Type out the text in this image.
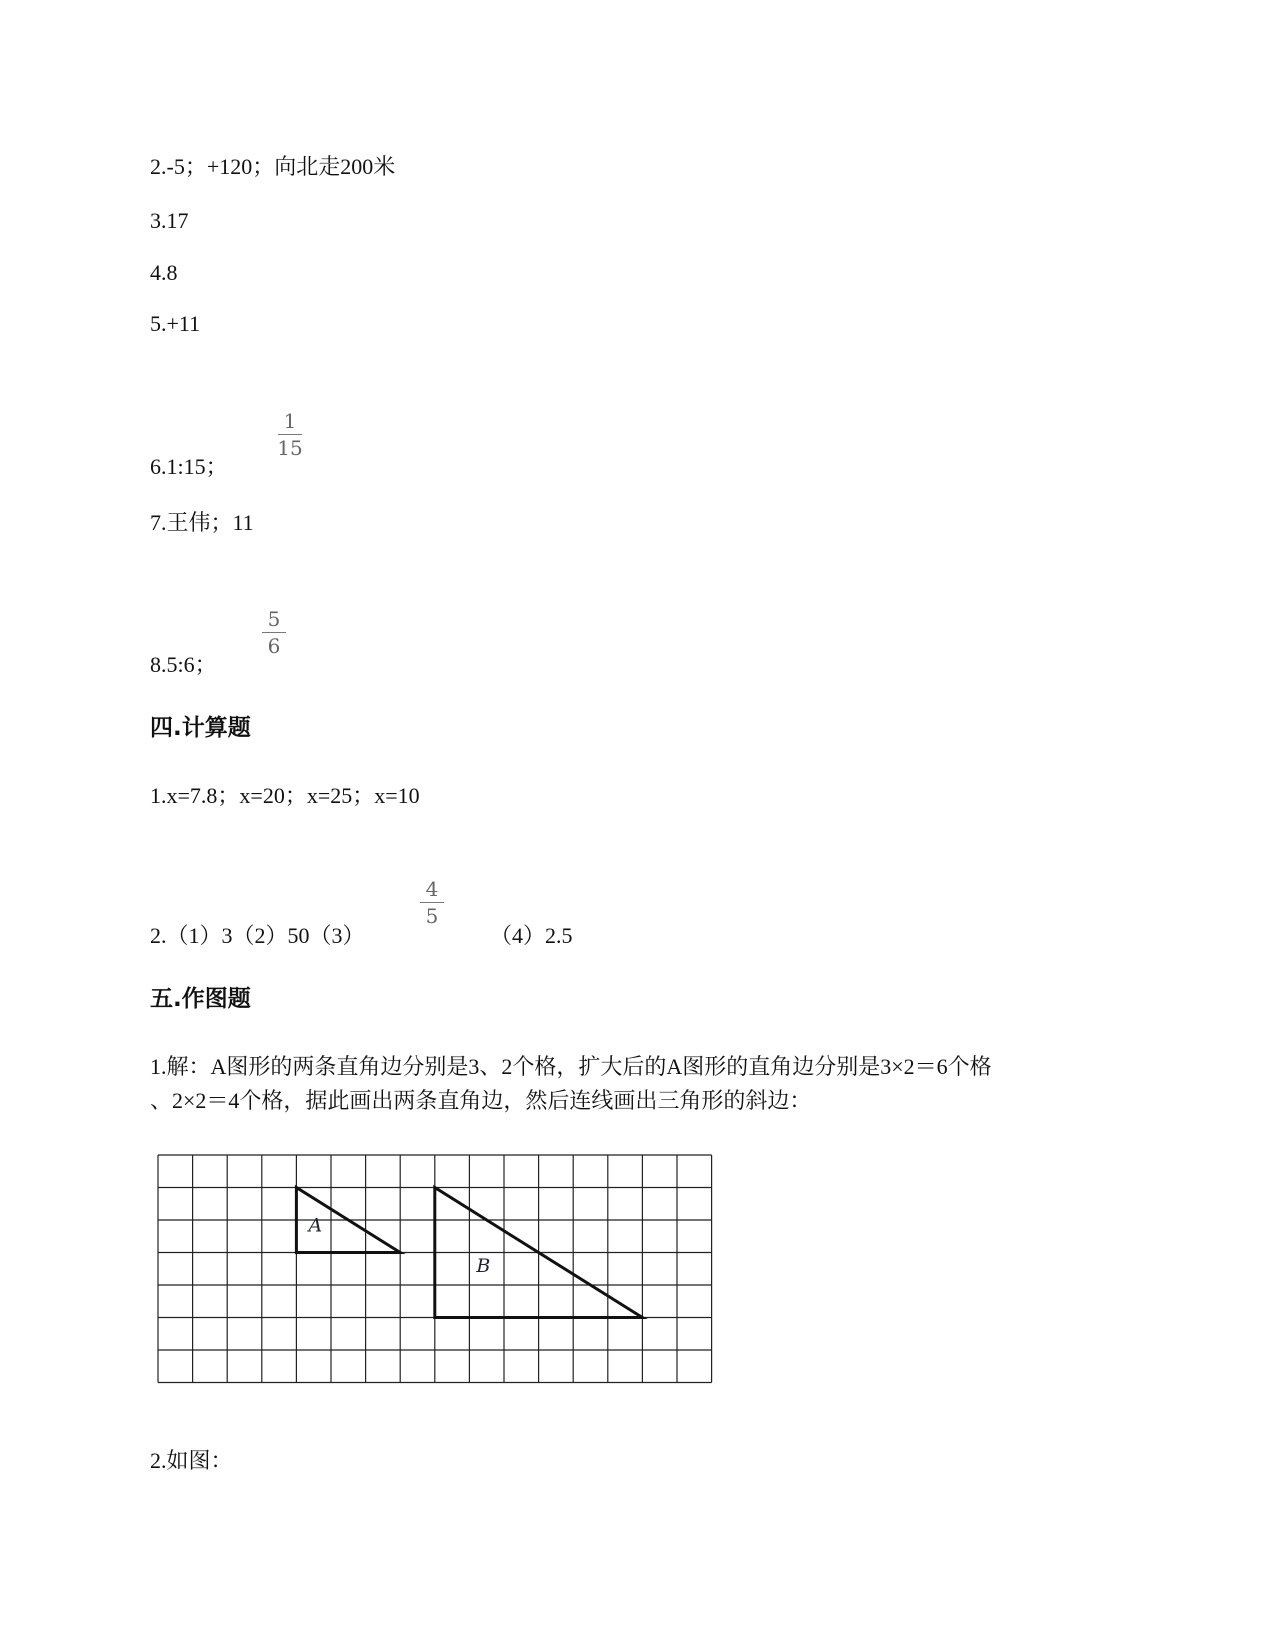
2.-5；+120；向北走200米
3.17
4.8
5.+11
1
15
6.1:15；
7.王伟；11
5
6
8.5:6；
四.计算题
1.x=7.8；x=20；x=25；x=10
2.（1）3（2）50（3）
4
5
（4）2.5
五.作图题
1.解：A图形的两条直角边分别是3、2个格，扩大后的A图形的直角边分别是3×2＝6个格
、2×2＝4个格，据此画出两条直角边，然后连线画出三角形的斜边：
A
B
2.如图：
